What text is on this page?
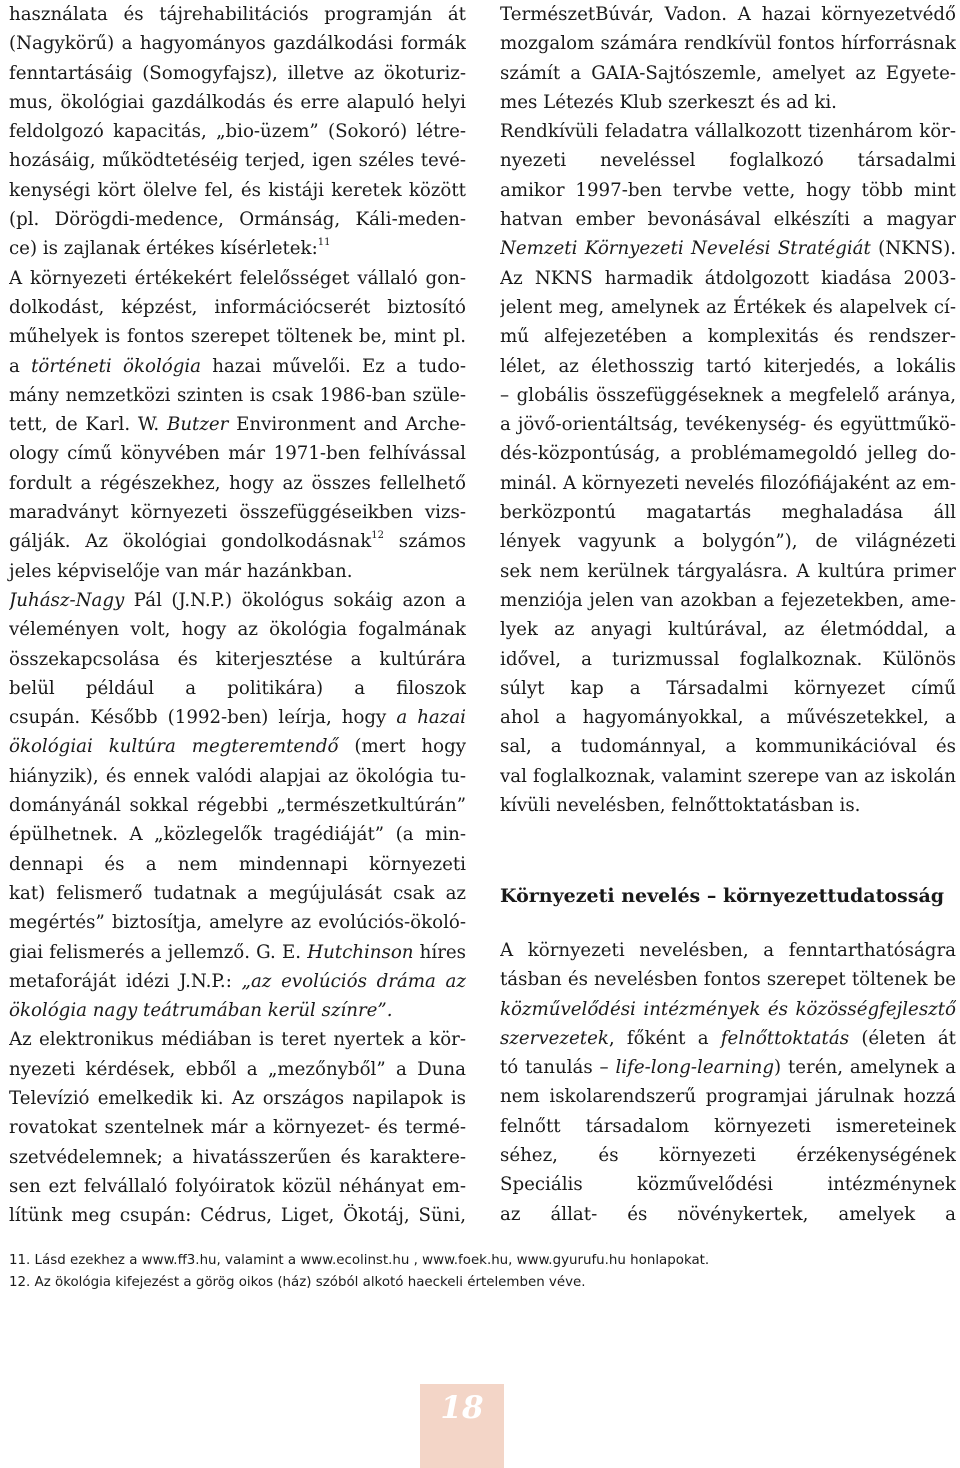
használata és tájrehabilitációs programján át
(Nagykörű) a hagyományos gazdálkodási formák
fenntartásáig (Somogyfajsz), illetve az ökoturiz-
mus, ökológiai gazdálkodás és erre alapuló helyi
feldolgozó kapacitás, „bio-üzem” (Sokoró) létre-
hozásáig, működtetéséig terjed, igen széles tevé-
kenységi kört ölelve fel, és kistáji keretek között
(pl. Dörögdi-medence, Ormánság, Káli-meden-
ce) is zajlanak értékes kísérletek:$^{11}$
A környezeti értékekért felelősséget vállaló gon-
dolkodást, képzést, információcserét biztosító
műhelyek is fontos szerepet töltenek be, mint pl.
a történeti ökológia hazai művelői. Ez a tudo-
mány nemzetközi szinten is csak 1986-ban szüle-
tett, de Karl. W. Butzer Environment and Arche-
ology című könyvében már 1971-ben felhívással
fordult a régészekhez, hogy az összes fellelhető
maradványt környezeti összefüggéseikben vizs-
gálják. Az ökológiai gondolkodásnak$^{12}$ számos
jeles képviselője van már hazánkban.
Juhász-Nagy Pál (J.N.P.) ökológus sokáig azon a
véleményen volt, hogy az ökológia fogalmának
összekapcsolása és kiterjesztése a kultúrára
belül például a politikára) a filoszok
csupán. Később (1992-ben) leírja, hogy a hazai
ökológiai kultúra megteremtendő (mert hogy
hiányzik), és ennek valódi alapjai az ökológia tu-
dományánál sokkal régebbi „természetkultúrán”
épülhetnek. A „közlegelők tragédiáját” (a min-
dennapi és a nem mindennapi környezeti
kat) felismerő tudatnak a megújulását csak az
megértés” biztosítja, amelyre az evolúciós-ökoló-
giai felismerés a jellemző. G. E. Hutchinson híres
metaforáját idézi J.N.P.: „az evolúciós dráma az
ökológia nagy teátrumában kerül színre”.
Az elektronikus médiában is teret nyertek a kör-
nyezeti kérdések, ebből a „mezőnyből” a Duna
Televízió emelkedik ki. Az országos napilapok is
rovatokat szentelnek már a környezet- és termé-
szetvédelemnek; a hivatásszerűen és karaktere-
sen ezt felvállaló folyóiratok közül néhányat em-
lítünk meg csupán: Cédrus, Liget, Ökotáj, Süni,
TermészetBúvár, Vadon. A hazai környezetvédő
mozgalom számára rendkívül fontos hírforrásnak
számít a GAIA-Sajtószemle, amelyet az Egyete-
mes Létezés Klub szerkeszt és ad ki.
Rendkívüli feladatra vállalkozott tizenhárom kör-
nyezeti neveléssel foglalkozó társadalmi
amikor 1997-ben tervbe vette, hogy több mint
hatvan ember bevonásával elkészíti a magyar
Nemzeti Környezeti Nevelési Stratégiát (NKNS).
Az NKNS harmadik átdolgozott kiadása 2003-
jelent meg, amelynek az Értékek és alapelvek cí-
mű alfejezetében a komplexitás és rendszer-
lélet, az élethosszig tartó kiterjedés, a lokális
– globális összefüggéseknek a megfelelő aránya,
a jövő-orientáltság, tevékenység- és együttműkö-
dés-központúság, a problémamegoldó jelleg do-
minál. A környezeti nevelés filozófiájaként az em-
berközpontú magatartás meghaladása áll
lények vagyunk a bolygón”), de világnézeti
sek nem kerülnek tárgyalásra. A kultúra primer
menziója jelen van azokban a fejezetekben, ame-
lyek az anyagi kultúrával, az életmóddal, a
idővel, a turizmussal foglalkoznak. Különös
súlyt kap a Társadalmi környezet című
ahol a hagyományokkal, a művészetekkel, a
sal, a tudománnyal, a kommunikációval és
val foglalkoznak, valamint szerepe van az iskolán
kívüli nevelésben, felnőttoktatásban is.
Környezeti nevelés – környezettudatosság
A környezeti nevelésben, a fenntarthatóságra
tásban és nevelésben fontos szerepet töltenek be
közművelődési intézmények és közösségfejlesztő
szervezetek, főként a felnőttoktatás (életen át
tó tanulás – life-long-learning) terén, amelynek a
nem iskolarendszerű programjai járulnak hozzá
felnőtt társadalom környezeti ismereteinek
séhez, és környezeti érzékenységének
Speciális közművelődési intézménynek
az állat- és növénykertek, amelyek a
11. Lásd ezekhez a www.ff3.hu, valamint a www.ecolinst.hu , www.foek.hu, www.gyurufu.hu honlapokat.
12. Az ökológia kifejezést a görög oikos (ház) szóból alkotó haeckeli értelemben véve.
18
